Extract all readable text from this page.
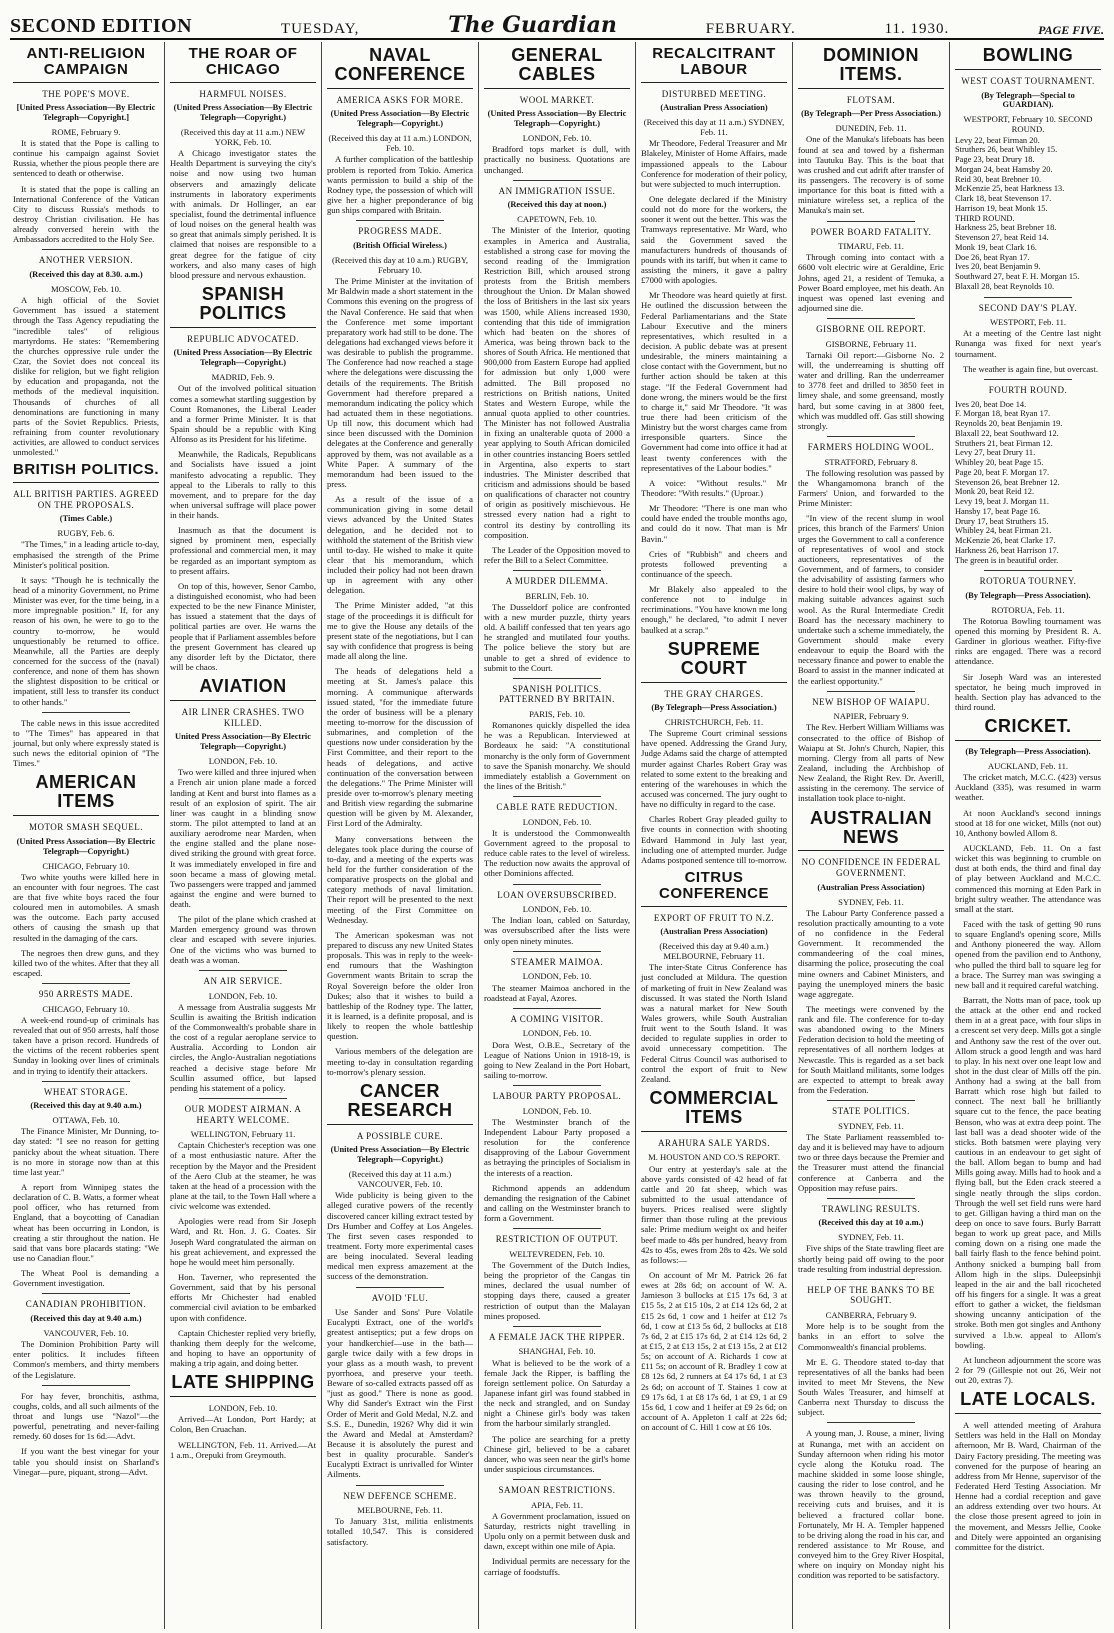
SECOND EDITION	TUESDAY,	The Guardian	FEBRUARY.	11. 1930.	PAGE FIVE.
ANTI-RELIGION CAMPAIGN
THE POPE'S MOVE.
[United Press Association—By Electric Telegraph—Copyright.]
ROME, February 9.

It is stated that the Pope is calling to continue his campaign against Soviet Russia, whether the pious people there are sentenced to death or otherwise.

It is stated that the pope is calling an International Conference of the Vatican City to discuss Russia's methods to destroy Christian civilisation. He has already conversed herein with the Ambassadors accredited to the Holy See.

ANOTHER VERSION.
(Received this day at 8.30. a.m.)
MOSCOW, Feb. 10.

A high official of the Soviet Government has issued a statement through the Tass Agency repudiating the "incredible tales" of religious martyrdoms. He states: "Remembering the churches oppressive rule under the Czar, the Soviet does not conceal its dislike for religion, but we fight religion by education and propaganda, not the methods of the medieval inquisition. Thousands of churches of all denominations are functioning in many parts of the Soviet Republics. Priests, refraining from counter revolutionary activities, are allowed to conduct services unmolested."

BRITISH POLITICS.
ALL BRITISH PARTIES. AGREED ON THE PROPOSALS.
(Times Cable.)
RUGBY, Feb. 6.

"The Times," in a leading article to-day, emphasised the strength of the Prime Minister's political position.

It says: "Though he is technically the head of a minority Government, no Prime Minister was ever, for the time being, in a more impregnable position." If, for any reason of his own, he were to go to the country to-morrow, he would unquestionably be returned to office. Meanwhile, all the Parties are deeply concerned for the success of the (naval) conference, and none of them has shown the slightest disposition to be critical or impatient, still less to transfer its conduct to other hands."

The cable news in this issue accredited to "The Times" has appeared in that journal, but only where expressly stated is such news the editorial opinion of "The Times."

AMERICAN ITEMS
MOTOR SMASH SEQUEL.
(United Press Association—By Electric Telegraph—Copyright.)
CHICAGO, February 10.

Two white youths were killed here in an encounter with four negroes. The cast are that five white boys raced the four coloured men in automobiles. A smash was the outcome. Each party accused others of causing the smash up that resulted in the damaging of the cars.

The negroes then drew guns, and they killed two of the whites. After that they all escaped.

950 ARRESTS MADE.
CHICAGO, February 10.

A week-end round-up of criminals has revealed that out of 950 arrests, half those taken have a prison record. Hundreds of the victims of the recent robberies spent Sunday in looking over lines of criminals and in trying to identify their attackers.

WHEAT STORAGE.
(Received this day at 9.40 a.m.)
OTTAWA, Feb. 10.

The Finance Minister, Mr Dunning, to-day stated: "I see no reason for getting panicky about the wheat situation. There is no more in storage now than at this time last year."

A report from Winnipeg states the declaration of C. B. Watts, a former wheat pool officer, who has returned from England, that a boycotting of Canadian wheat has been occurring in London, is creating a stir throughout the nation. He said that vans bore placards stating: "We use no Canadian flour."

The Wheat Pool is demanding a Government investigation.

CANADIAN PROHIBITION.
(Received this day at 9.40 a.m.)
VANCOUVER, Feb. 10.

The Dominion Prohibition Party will enter politics. It includes fifteen Common's members, and thirty members of the Legislature.

For hay fever, bronchitis, asthma, coughs, colds, and all such ailments of the throat and lungs use "Nazol"—the powerful, penetrating and never-failing remedy. 60 doses for 1s 6d.—Advt.

If you want the best vinegar for your table you should insist on Sharland's Vinegar—pure, piquant, strong—Advt.

THE ROAR OF CHICAGO
HARMFUL NOISES.
(United Press Association—By Electric Telegraph—Copyright.)
(Received this day at 11 a.m.) NEW YORK, Feb. 10.

A Chicago investigator states the Health Department is surveying the city's noise and now using two human observers and amazingly delicate instruments in laboratory experiments with animals. Dr Hollinger, an ear specialist, found the detrimental influence of loud noises on the general health was so great that animals simply perished. It is claimed that noises are responsible to a great degree for the fatigue of city workers, and also many cases of high blood pressure and nervous exhaustion.

SPANISH POLITICS
REPUBLIC ADVOCATED.
(United Press Association—By Electric Telegraph—Copyright.)
MADRID, Feb. 9.

Out of the involved political situation comes a somewhat startling suggestion by Count Romanones, the Liberal Leader and a former Prime Minister. It is that Spain should be a republic with King Alfonso as its President for his lifetime.

Meanwhile, the Radicals, Republicans and Socialists have issued a joint manifesto advocating a republic. They appeal to the Liberals to rally to this movement, and to prepare for the day when universal suffrage will place power in their hands.

Inasmuch as that the document is signed by prominent men, especially professional and commercial men, it may be regarded as an important symptom as to present affairs.

On top of this, however, Senor Cambo, a distinguished economist, who had been expected to be the new Finance Minister, has issued a statement that the days of political parties are over. He warns the people that if Parliament assembles before the present Government has cleared up any disorder left by the Dictator, there will be chaos.

AVIATION
AIR LINER CRASHES. TWO KILLED.
United Press Association—By Electric Telegraph—Copyright.)
LONDON, Feb. 10.

Two were killed and three injured when a French air union plane made a forced landing at Kent and burst into flames as a result of an explosion of spirit. The air liner was caught in a blinding snow storm. The pilot attempted to land at an auxiliary aerodrome near Marden, when the engine stalled and the plane nose-dived striking the ground with great force. It was immediately enveloped in fire and soon became a mass of glowing metal. Two passengers were trapped and jammed against the engine and were burned to death.

The pilot of the plane which crashed at Marden emergency ground was thrown clear and escaped with severe injuries. One of the victims who was burned to death was a woman.

AN AIR SERVICE.
LONDON, Feb. 10.

A message from Australia suggests Mr Scullin is awaiting the British indication of the Commonwealth's probable share in the cost of a regular aeroplane service to Australia. According to London air circles, the Anglo-Australian negotiations reached a decisive stage before Mr Scullin assumed office, but lapsed pending his statement of a policy.

OUR MODEST AIRMAN. A HEARTY WELCOME.
WELLINGTON, February 11.

Captain Chichester's reception was one of a most enthusiastic nature. After the reception by the Mayor and the President of the Aero Club at the steamer, he was taken at the head of a procession with the plane at the tail, to the Town Hall where a civic welcome was extended.

Apologies were read from Sir Joseph Ward, and Rt. Hon. J. G. Coates. Sir Joseph Ward congratulated the airman on his great achievement, and expressed the hope he would meet him personally.

Hon. Taverner, who represented the Government, said that by his personal efforts Mr Chichester had enabled commercial civil aviation to be embarked upon with confidence.

Captain Chichester replied very briefly, thanking them deeply for the welcome, and hoping to have an opportunity of making a trip again, and doing better.

LATE SHIPPING
LONDON, Feb. 10.

Arrived—At London, Port Hardy; at Colon, Ben Cruachan.

WELLINGTON, Feb. 11. Arrived.—At 1 a.m., Orepuki from Greymouth.

NAVAL CONFERENCE
AMERICA ASKS FOR MORE.
(United Press Association—By Electric Telegraph—Copyright.)
(Received this day at 11 a.m.) LONDON, Feb. 10.

A further complication of the battleship problem is reported from Tokio. America wants permission to build a ship of the Rodney type, the possession of which will give her a higher preponderance of big gun ships compared with Britain.

PROGRESS MADE.
(British Official Wireless.)
(Received this day at 10 a.m.) RUGBY, February 10.

The Prime Minister at the invitation of Mr Baldwin made a short statement in the Commons this evening on the progress of the Naval Conference. He said that when the Conference met some important preparatory work had still to be done. The delegations had exchanged views before it was desirable to publish the programme. The Conference had now reached a stage where the delegations were discussing the details of the requirements. The British Government had therefore prepared a memorandum indicating the policy which had actuated them in these negotiations. Up till now, this document which had since been discussed with the Dominion delegates at the Conference and generally approved by them, was not available as a White Paper. A summary of the memorandum had been issued to the press.

As a result of the issue of a communication giving in some detail views advanced by the United States delegation, and he decided not to withhold the statement of the British view until to-day. He wished to make it quite clear that his memorandum, which included their policy had not been drawn up in agreement with any other delegation.

The Prime Minister added, "at this stage of the proceedings it is difficult for me to give the House any details of the present state of the negotiations, but I can say with confidence that progress is being made all along the line.

The heads of delegations held a meeting at St. James's palace this morning. A communique afterwards issued stated, "for the immediate future the order of business will be a plenary meeting to-morrow for the discussion of submarines, and completion of the questions now under consideration by the First Committee, and their report to the heads of delegations, and active continuation of the conversation between the delegations." The Prime Minister will preside over to-morrow's plenary meeting and British view regarding the submarine question will be given by M. Alexander, First Lord of the Admiralty.

Many conversations between the delegates took place during the course of to-day, and a meeting of the experts was held for the further consideration of the comparative prospects on the global and category methods of naval limitation. Their report will be presented to the next meeting of the First Committee on Wednesday.

The American spokesman was not prepared to discuss any new United States proposals. This was in reply to the week-end rumours that the Washington Government wants Britain to scrap the Royal Sovereign before the older Iron Dukes; also that it wishes to build a battleship of the Rodney type. The latter, it is learned, is a definite proposal, and is likely to reopen the whole battleship question.

Various members of the delegation are meeting to-day in consultation regarding to-morrow's plenary session.

CANCER RESEARCH
A POSSIBLE CURE.
(United Press Association—By Electric Telegraph—Copyright.)
(Received this day at 11 a.m.) VANCOUVER, Feb. 10.

Wide publicity is being given to the alleged curative powers of the recently discovered cancer killing extract tested by Drs Humber and Coffey at Los Angeles. The first seven cases responded to treatment. Forty more experimental cases are being inoculated. Several leading medical men express amazement at the success of the demonstration.

AVOID 'FLU.

Use Sander and Sons' Pure Volatile Eucalypti Extract, one of the world's greatest antiseptics; put a few drops on your handkerchief—use in the bath—gargle twice daily with a few drops in your glass as a mouth wash, to prevent pyorrhoea, and preserve your teeth. Beware of so-called extracts passed off as "just as good." There is none as good. Why did Sander's Extract win the First Order of Merit and Gold Medal, N.Z. and S.S. E., Dunedin, 1926? Why did it win the Award and Medal at Amsterdam? Because it is absolutely the purest and best in quality procurable. Sander's Eucalypti Extract is unrivalled for Winter Ailments.

NEW DEFENCE SCHEME.
MELBOURNE, Feb. 11.

To January 31st, militia enlistments totalled 10,547. This is considered satisfactory.

GENERAL CABLES
WOOL MARKET.
(United Press Association—By Electric Telegraph—Copyright.)
LONDON, Feb. 10.

Bradford tops market is dull, with practically no business. Quotations are unchanged.

AN IMMIGRATION ISSUE.
(Received this day at noon.)
CAPETOWN, Feb. 10.

The Minister of the Interior, quoting examples in America and Australia, established a strong case for moving the second reading of the Immigration Restriction Bill, which aroused strong protests from the British members throughout the Union. Dr Malan showed the loss of Britishers in the last six years was 1500, while Aliens increased 1930, contending that this tide of immigration which had beaten on the shores of America, was being thrown back to the shores of South Africa. He mentioned that 900,000 from Eastern Europe had applied for admission but only 1,000 were admitted. The Bill proposed no restrictions on British nations, United States and Western Europe, while the annual quota applied to other countries. The Minister has not followed Australia in fixing an unalterable quota of 2000 a year applying to South African domiciled in other countries instancing Boers settled in Argentina, also experts to start industries. The Minister described that criticism and admissions should be based on qualifications of character not country of origin as positively mischievous. He stressed every nation had a right to control its destiny by controlling its composition.

The Leader of the Opposition moved to refer the Bill to a Select Committee.

A MURDER DILEMMA.
BERLIN, Feb. 10.

The Dusseldorf police are confronted with a new murder puzzle, thirty years old. A bailiff confessed that ten years ago he strangled and mutilated four youths. The police believe the story but are unable to get a shred of evidence to submit to the Court.

SPANISH POLITICS. PATTERNED BY BRITAIN.
PARIS, Feb. 10.

Romanones quickly dispelled the idea he was a Republican. Interviewed at Bordeaux he said: "A constitutional monarchy is the only form of Government to save the Spanish monarchy. We should immediately establish a Government on the lines of the British."

CABLE RATE REDUCTION.
LONDON, Feb. 10.

It is understood the Commonwealth Government agreed to the proposal to reduce cable rates to the level of wireless. The reduction now awaits the approval of other Dominions affected.

LOAN OVERSUBSCRIBED.
LONDON, Feb. 10.

The Indian loan, cabled on Saturday, was oversubscribed after the lists were only open ninety minutes.

STEAMER MAIMOA.
LONDON, Feb. 10.

The steamer Maimoa anchored in the roadstead at Fayal, Azores.

A COMING VISITOR.
LONDON, Feb. 10.

Dora West, O.B.E., Secretary of the League of Nations Union in 1918-19, is going to New Zealand in the Port Hobart, sailing to-morrow.

LABOUR PARTY PROPOSAL.
LONDON, Feb. 10.

The Westminster branch of the Independent Labour Party proposed a resolution for the conference disapproving of the Labour Government as betraying the principles of Socialism in the interests of a reaction.

Richmond appends an addendum demanding the resignation of the Cabinet and calling on the Westminster branch to form a Government.

RESTRICTION OF OUTPUT.
WELTEVREDEN, Feb. 10.

The Government of the Dutch Indies, being the proprietor of the Cangas tin mines, declared the usual number of stopping days there, caused a greater restriction of output than the Malayan mines proposed.

A FEMALE JACK THE RIPPER.
SHANGHAI, Feb. 10.

What is believed to be the work of a female Jack the Ripper, is baffling the foreign settlement police. On Saturday a Japanese infant girl was found stabbed in the neck and strangled, and on Sunday night a Chinese girl's body was taken from the harbour similarly strangled.

The police are searching for a pretty Chinese girl, believed to be a cabaret dancer, who was seen near the girl's home under suspicious circumstances.

SAMOAN RESTRICTIONS.
APIA, Feb. 11.

A Government proclamation, issued on Saturday, restricts night travelling in Upolu only on a permit between dusk and dawn, except within one mile of Apia.

Individual permits are necessary for the carriage of foodstuffs.

RECALCITRANT LABOUR
DISTURBED MEETING.
(Australian Press Association)
(Received this day at 11 a.m.) SYDNEY, Feb. 11.

Mr Theodore, Federal Treasurer and Mr Blakeley, Minister of Home Affairs, made impassioned appeals to the Labour Conference for moderation of their policy, but were subjected to much interruption.

One delegate declared if the Ministry could not do more for the workers, the sooner it went out the better. This was the Tramways representative. Mr Ward, who said the Government saved the manufacturers hundreds of thousands of pounds with its tariff, but when it came to assisting the miners, it gave a paltry £7000 with apologies.

Mr Theodore was heard quietly at first. He outlined the discussion between the Federal Parliamentarians and the State Labour Executive and the miners representatives, which resulted in a decision. A public debate was at present undesirable, the miners maintaining a close contact with the Government, but no further action should be taken at this stage. "If the Federal Government had done wrong, the miners would be the first to charge it," said Mr Theodore. "It was true there had been criticism of the Ministry but the worst charges came from irresponsible quarters. Since the Government had come into office it had at least twenty conferences with the representatives of the Labour bodies."

A voice: "Without results." Mr Theodore: "With results." (Uproar.)

Mr Theodore: "There is one man who could have ended the trouble months ago, and could do it now. That man is Mr Bavin."

Cries of "Rubbish" and cheers and protests followed preventing a continuance of the speech.

Mr Blakely also appealed to the conference not to indulge in recriminations. "You have known me long enough," he declared, "to admit I never baulked at a scrap."

SUPREME COURT
THE GRAY CHARGES.
(By Telegraph—Press Association.)
CHRISTCHURCH, Feb. 11.

The Supreme Court criminal sessions have opened. Addressing the Grand Jury, Judge Adams said the charge of attempted murder against Charles Robert Gray was related to some extent to the breaking and entering of the warehouses in which the accused was concerned. The jury ought to have no difficulty in regard to the case.

Charles Robert Gray pleaded guilty to five counts in connection with shooting Edward Hammond in July last year, including one of attempted murder. Judge Adams postponed sentence till to-morrow.

CITRUS CONFERENCE
EXPORT OF FRUIT TO N.Z.
(Australian Press Association)
(Received this day at 9.40 a.m.) MELBOURNE, February 11.

The inter-State Citrus Conference has just concluded at Mildura. The question of marketing of fruit in New Zealand was discussed. It was stated the North Island was a natural market for New South Wales growers, while South Australian fruit went to the South Island. It was decided to regulate supplies in order to avoid unnecessary competition. The Federal Citrus Council was authorised to control the export of fruit to New Zealand.

COMMERCIAL ITEMS
ARAHURA SALE YARDS.
M. HOUSTON AND CO.'S REPORT.

Our entry at yesterday's sale at the above yards consisted of 42 head of fat cattle and 20 fat sheep, which was submitted to the usual attendance of buyers. Prices realised were slightly firmer than those ruling at the previous sale: Prime medium weight ox and heifer beef made to 48s per hundred, heavy from 42s to 45s, ewes from 28s to 42s. We sold as follows:—

On account of Mr M. Patrick 26 fat ewes at 28s 6d; on account of W. A. Jamieson 3 bullocks at £15 17s 6d, 3 at £15 5s, 2 at £15 10s, 2 at £14 12s 6d, 2 at £15 2s 6d, 1 cow and 1 heifer at £12 7s 6d, 1 cow at £13 5s 6d, 2 bullocks at £18 7s 6d, 2 at £15 17s 6d, 2 at £14 12s 6d, 2 at £15, 2 at £13 15s, 2 at £13 15s, 2 at £12 5s; on account of A. Richards 1 cow at £11 5s; on account of R. Bradley 1 cow at £8 12s 6d, 2 runners at £4 17s 6d, 1 at £3 2s 6d; on account of T. Staines 1 cow at £9 17s 6d, 1 at £8 17s 6d, 1 at £9, 1 at £9 15s 6d, 1 cow and 1 heifer at £9 2s 6d; on account of A. Appleton 1 calf at 22s 6d; on account of C. Hill 1 cow at £6 10s.

DOMINION ITEMS.
FLOTSAM.
(By Telegraph—Per Press Association.)
DUNEDIN, Feb. 11.

One of the Manuka's lifeboats has been found at sea and towed by a fisherman into Tautuku Bay. This is the boat that was crushed and cut adrift after transfer of its passengers. The recovery is of some importance for this boat is fitted with a miniature wireless set, a replica of the Manuka's main set.

POWER BOARD FATALITY.
TIMARU, Feb. 11.

Through coming into contact with a 6600 volt electric wire at Geraldine, Eric Johns, aged 21, a resident of Temuka, a Power Board employee, met his death. An inquest was opened last evening and adjourned sine die.

GISBORNE OIL REPORT.
GISBORNE, February 11.

Tarnaki Oil report:—Gisborne No. 2 will, the underreaming is shutting off water and drilling. Ran the underreamer to 3778 feet and drilled to 3850 feet in limey shale, and some greensand, mostly hard, but some caving in at 3800 feet, which was muddled off. Gas still showing strongly.

FARMERS HOLDING WOOL.
STRATFORD, February 8.

The following resolution was passed by the Whangamomona branch of the Farmers' Union, and forwarded to the Prime Minister:

"In view of the recent slump in wool prices, this branch of the Farmers' Union urges the Government to call a conference of representatives of wool and stock auctioneers, representatives of the Government, and of farmers, to consider the advisability of assisting farmers who desire to hold their wool clips, by way of making suitable advances against such wool. As the Rural Intermediate Credit Board has the necessary machinery to undertake such a scheme immediately, the Government should make every endeavour to equip the Board with the necessary finance and power to enable the Board to assist in the manner indicated at the earliest opportunity."

NEW BISHOP OF WAIAPU.
NAPIER, February 9.

The Rev. Herbert William Williams was consecrated to the office of Bishop of Waiapu at St. John's Church, Napier, this morning. Clergy from all parts of New Zealand, including the Archbishop of New Zealand, the Right Rev. Dr. Averill, assisting in the ceremony. The service of installation took place to-night.

AUSTRALIAN NEWS
NO CONFIDENCE IN FEDERAL GOVERNMENT.
(Australian Press Association)
SYDNEY, Feb. 11.

The Labour Party Conference passed a resolution practically amounting to a vote of no confidence in the Federal Government. It recommended the commandeering of the coal mines, disarming the police, prosecuting the coal mine owners and Cabinet Ministers, and paying the unemployed miners the basic wage aggregate.

The meetings were convened by the rank and file. The conference for to-day was abandoned owing to the Miners Federation decision to hold the meeting of representatives of all northern lodges at Newcastle. This is regarded as a set back for South Maitland militants, some lodges are expected to attempt to break away from the Federation.

STATE POLITICS.
SYDNEY, Feb. 11.

The State Parliament reassembled to-day and it is believed may have to adjourn two or three days because the Premier and the Treasurer must attend the financial conference at Canberra and the Opposition may refuse pairs.

TRAWLING RESULTS.
(Received this day at 10 a.m.)
SYDNEY, Feb. 11.

Five ships of the State trawling fleet are shortly being paid off owing to the poor trade resulting from industrial depression.

HELP OF THE BANKS TO BE SOUGHT.
CANBERRA, February 9.

More help is to be sought from the banks in an effort to solve the Commonwealth's financial problems.

Mr E. G. Theodore stated to-day that representatives of all the banks had been invited to meet Mr Stevens, the New South Wales Treasurer, and himself at Canberra next Thursday to discuss the subject.

A young man, J. Rouse, a miner, living at Runanga, met with an accident on Sunday afternoon when riding his motor cycle along the Kotuku road. The machine skidded in some loose shingle, causing the rider to lose control, and he was thrown heavily to the ground, receiving cuts and bruises, and it is believed a fractured collar bone. Fortunately, Mr H. A. Templer happened to be driving along the road in his car, and rendered assistance to Mr Rouse, and conveyed him to the Grey River Hospital, where on inquiry on Monday night his condition was reported to be satisfactory.

BOWLING
WEST COAST TOURNAMENT.
(By Telegraph—Special to GUARDIAN).
WESTPORT, February 10. SECOND ROUND.
Levy 22, beat Firman 20.
Struthers 26, beat Whibley 15.
Page 23, beat Drury 18.
Morgan 24, beat Hamsby 20.
Reid 30, beat Brebner 10.
McKenzie 25, beat Harkness 13.
Clark 18, beat Stevenson 17.
Harrison 19, beat Monk 15.
THIRD ROUND.
Harkness 25, beat Brebner 18.
Stevenson 27, beat Reid 14.
Monk 19, beat Clark 16.
Doe 26, beat Ryan 17.
Ives 20, beat Benjamin 9.
Southward 27, beat F. H. Morgan 15.
Blaxall 28, beat Reynolds 10.
SECOND DAY'S PLAY.
WESTPORT, Feb. 11.

At a meeting of the Centre last night Runanga was fixed for next year's tournament.

The weather is again fine, but overcast.

FOURTH ROUND.
Ives 20, beat Doe 14.
F. Morgan 18, beat Ryan 17.
Reynolds 20, beat Benjamin 19.
Blaxall 22, beat Southward 12.
Struthers 21, beat Firman 12.
Levy 27, beat Drury 11.
Whibley 20, beat Page 15.
Page 20, beat F. Morgan 17.
Stevenson 26, beat Brebner 12.
Monk 20, beat Reid 12.
Levy 19, beat J. Morgan 11.
Hansby 17, beat Page 16.
Drury 17, beat Struthers 15.
Whibley 24, beat Firman 21.
McKenzie 26, beat Clarke 17.
Harkness 26, beat Harrison 17.
The green is in beautiful order.
ROTORUA TOURNEY.
(By Telegraph—Press Association).
ROTORUA, Feb. 11.

The Rotorua Bowling tournament was opened this morning by President R. A. Gardiner in glorious weather. Fifty-five rinks are engaged. There was a record attendance.

Sir Joseph Ward was an interested spectator, he being much improved in health. Section play has advanced to the third round.

CRICKET.
(By Telegraph—Press Association).
AUCKLAND, Feb. 11.

The cricket match, M.C.C. (423) versus Auckland (335), was resumed in warm weather.

At noon Auckland's second innings stood at 18 for one wicket, Mills (not out) 10, Anthony bowled Allom 8.

AUCKLAND, Feb. 11. On a fast wicket this was beginning to crumble on dust at both ends, the third and final day of play between Auckland and M.C.C. commenced this morning at Eden Park in bright sultry weather. The attendance was small at the start.

Faced with the task of getting 90 runs to square England's opening score, Mills and Anthony pioneered the way. Allom opened from the pavilion end to Anthony, who pulled the third ball to square leg for a brace. The Surrey man was swinging a new ball and it required careful watching.

Barratt, the Notts man of pace, took up the attack at the other end and rocked them in at a great pace, with four slips in a crescent set very deep. Mills got a single and Anthony saw the rest of the over out. Allom struck a good length and was hard to play. In his next over one leapt low and shot in the dust clear of Mills off the pin. Anthony had a swing at the ball from Barratt which rose high but failed to connect. The next ball he brilliantly square cut to the fence, the pace beating Benson, who was at extra deep point. The last ball was a dead shooter wide of the sticks. Both batsmen were playing very cautious in an endeavour to get sight of the ball. Allom began to bump and had Mills going away. Mills had to hook and a flying ball, but the Eden crack steered a single neatly through the slips cordon. Through the well set field runs were hard to get. Gilligan having a third man on the deep on once to save fours. Burly Barratt began to work up great pace, and Mills coming down on a rising one made the ball fairly flash to the fence behind point. Anthony snicked a bumping ball from Allom high in the slips. Duleepsinhji leaped in the air and the ball ricocheted off his fingers for a single. It was a great effort to gather a wicket, the fieldsman showing uncanny anticipation of the stroke. Both men got singles and Anthony survived a l.b.w. appeal to Allom's bowling.

At luncheon adjournment the score was 2 for 79 (Gillespie not out 26, Weir not out 20, extras 7).

LATE LOCALS.

A well attended meeting of Arahura Settlers was held in the Hall on Monday afternoon, Mr B. Ward, Chairman of the Dairy Factory presiding. The meeting was convened for the purpose of hearing an address from Mr Henne, supervisor of the Federated Herd Testing Association. Mr Henne had a cordial reception and gave an address extending over two hours. At the close those present agreed to join in the movement, and Messrs Jellie, Cooke and Ditely were appointed an organising committee for the district.
